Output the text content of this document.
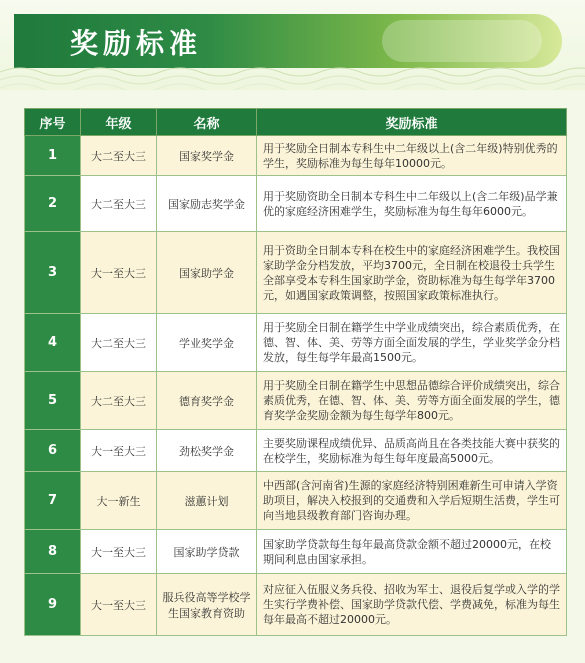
奖励标准
序号	年级	名称	奖励标准
1	大二至大三	国家奖学金	用于奖励全日制本专科生中二年级以上(含二年级)特别优秀的学生，奖励标准为每生每年10000元。
2	大二至大三	国家励志奖学金	用于奖励资助全日制本专科生中二年级以上(含二年级)品学兼优的家庭经济困难学生，奖励标准为每生每年6000元。
3	大一至大三	国家助学金	用于资助全日制本专科在校生中的家庭经济困难学生。我校国家助学金分档发放，平均3700元，全日制在校退役士兵学生全部享受本专科生国家助学金，资助标准为每生每学年3700元，如遇国家政策调整，按照国家政策标准执行。
4	大二至大三	学业奖学金	用于奖励全日制在籍学生中学业成绩突出，综合素质优秀，在德、智、体、美、劳等方面全面发展的学生，学业奖学金分档发放，每生每学年最高1500元。
5	大二至大三	德育奖学金	用于奖励全日制在籍学生中思想品德综合评价成绩突出，综合素质优秀，在德、智、体、美、劳等方面全面发展的学生，德育奖学金奖励金额为每生每学年800元。
6	大一至大三	劲松奖学金	主要奖励课程成绩优异、品质高尚且在各类技能大赛中获奖的在校学生，奖励标准为每生每年度最高5000元。
7	大一新生	滋蕙计划	中西部(含河南省)生源的家庭经济特别困难新生可申请入学资助项目，解决入校报到的交通费和入学后短期生活费，学生可向当地县级教育部门咨询办理。
8	大一至大三	国家助学贷款	国家助学贷款每生每年最高贷款金额不超过20000元，在校期间利息由国家承担。
9	大一至大三	服兵役高等学校学生国家教育资助	对应征入伍服义务兵役、招收为军士、退役后复学或入学的学生实行学费补偿、国家助学贷款代偿、学费减免，标准为每生每年最高不超过20000元。
